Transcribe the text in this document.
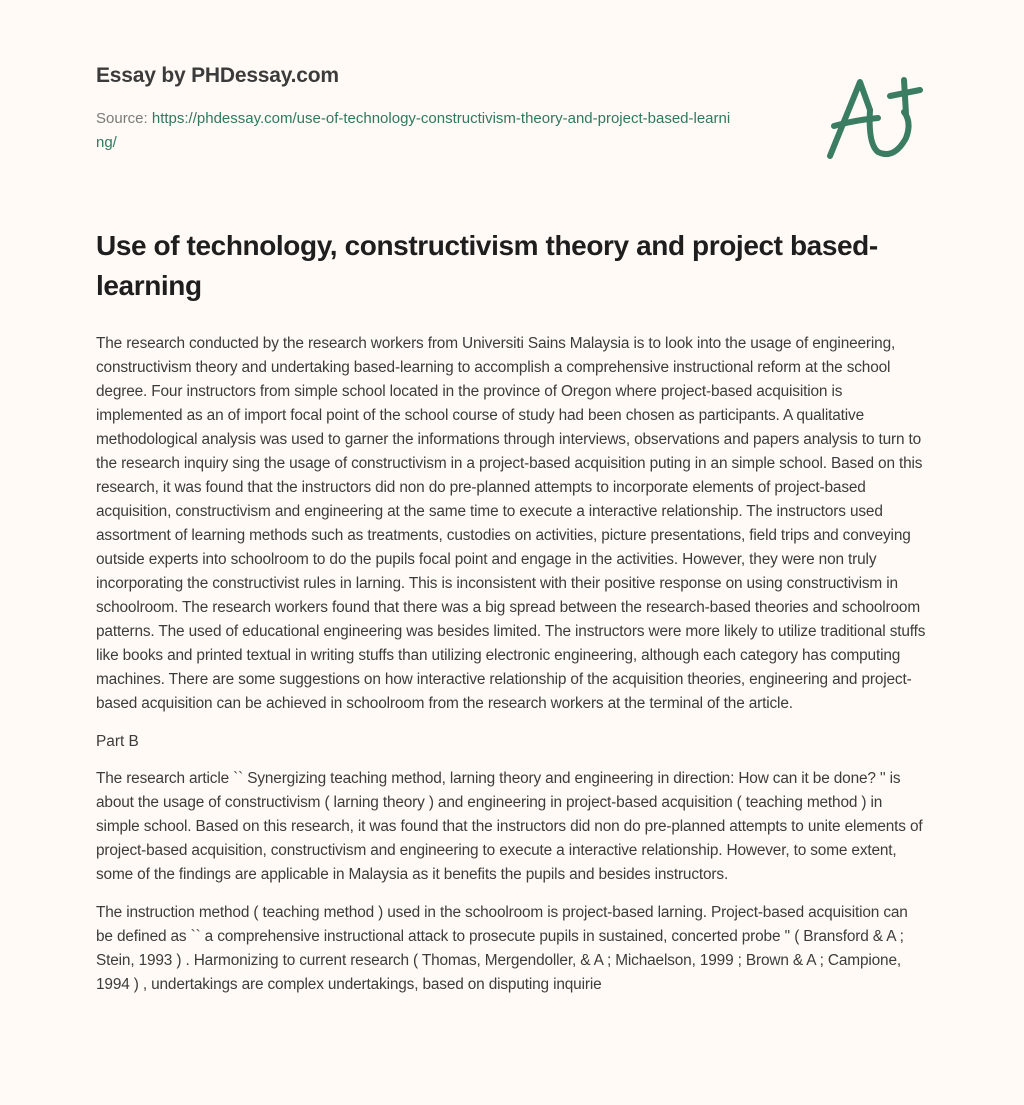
Essay by PHDessay.com
Source: https://phdessay.com/use-of-technology-constructivism-theory-and-project-based-learning/
Use of technology, constructivism theory and project based-learning

The research conducted by the research workers from Universiti Sains Malaysia is to look into the usage of engineering, constructivism theory and undertaking based-learning to accomplish a comprehensive instructional reform at the school degree. Four instructors from simple school located in the province of Oregon where project-based acquisition is implemented as an of import focal point of the school course of study had been chosen as participants. A qualitative methodological analysis was used to garner the informations through interviews, observations and papers analysis to turn to the research inquiry sing the usage of constructivism in a project-based acquisition puting in an simple school. Based on this research, it was found that the instructors did non do pre-planned attempts to incorporate elements of project-based acquisition, constructivism and engineering at the same time to execute a interactive relationship. The instructors used assortment of learning methods such as treatments, custodies on activities, picture presentations, field trips and conveying outside experts into schoolroom to do the pupils focal point and engage in the activities. However, they were non truly incorporating the constructivist rules in larning. This is inconsistent with their positive response on using constructivism in schoolroom. The research workers found that there was a big spread between the research-based theories and schoolroom patterns. The used of educational engineering was besides limited. The instructors were more likely to utilize traditional stuffs like books and printed textual in writing stuffs than utilizing electronic engineering, although each category has computing machines. There are some suggestions on how interactive relationship of the acquisition theories, engineering and project-based acquisition can be achieved in schoolroom from the research workers at the terminal of the article.

Part B

The research article `` Synergizing teaching method, larning theory and engineering in direction: How can it be done? '' is about the usage of constructivism ( larning theory ) and engineering in project-based acquisition ( teaching method ) in simple school. Based on this research, it was found that the instructors did non do pre-planned attempts to unite elements of project-based acquisition, constructivism and engineering to execute a interactive relationship. However, to some extent, some of the findings are applicable in Malaysia as it benefits the pupils and besides instructors.

The instruction method ( teaching method ) used in the schoolroom is project-based larning. Project-based acquisition can be defined as `` a comprehensive instructional attack to prosecute pupils in sustained, concerted probe '' ( Bransford & A ; Stein, 1993 ) . Harmonizing to current research ( Thomas, Mergendoller, & A ; Michaelson, 1999 ; Brown & A ; Campione, 1994 ) , undertakings are complex undertakings, based on disputing inquirie
